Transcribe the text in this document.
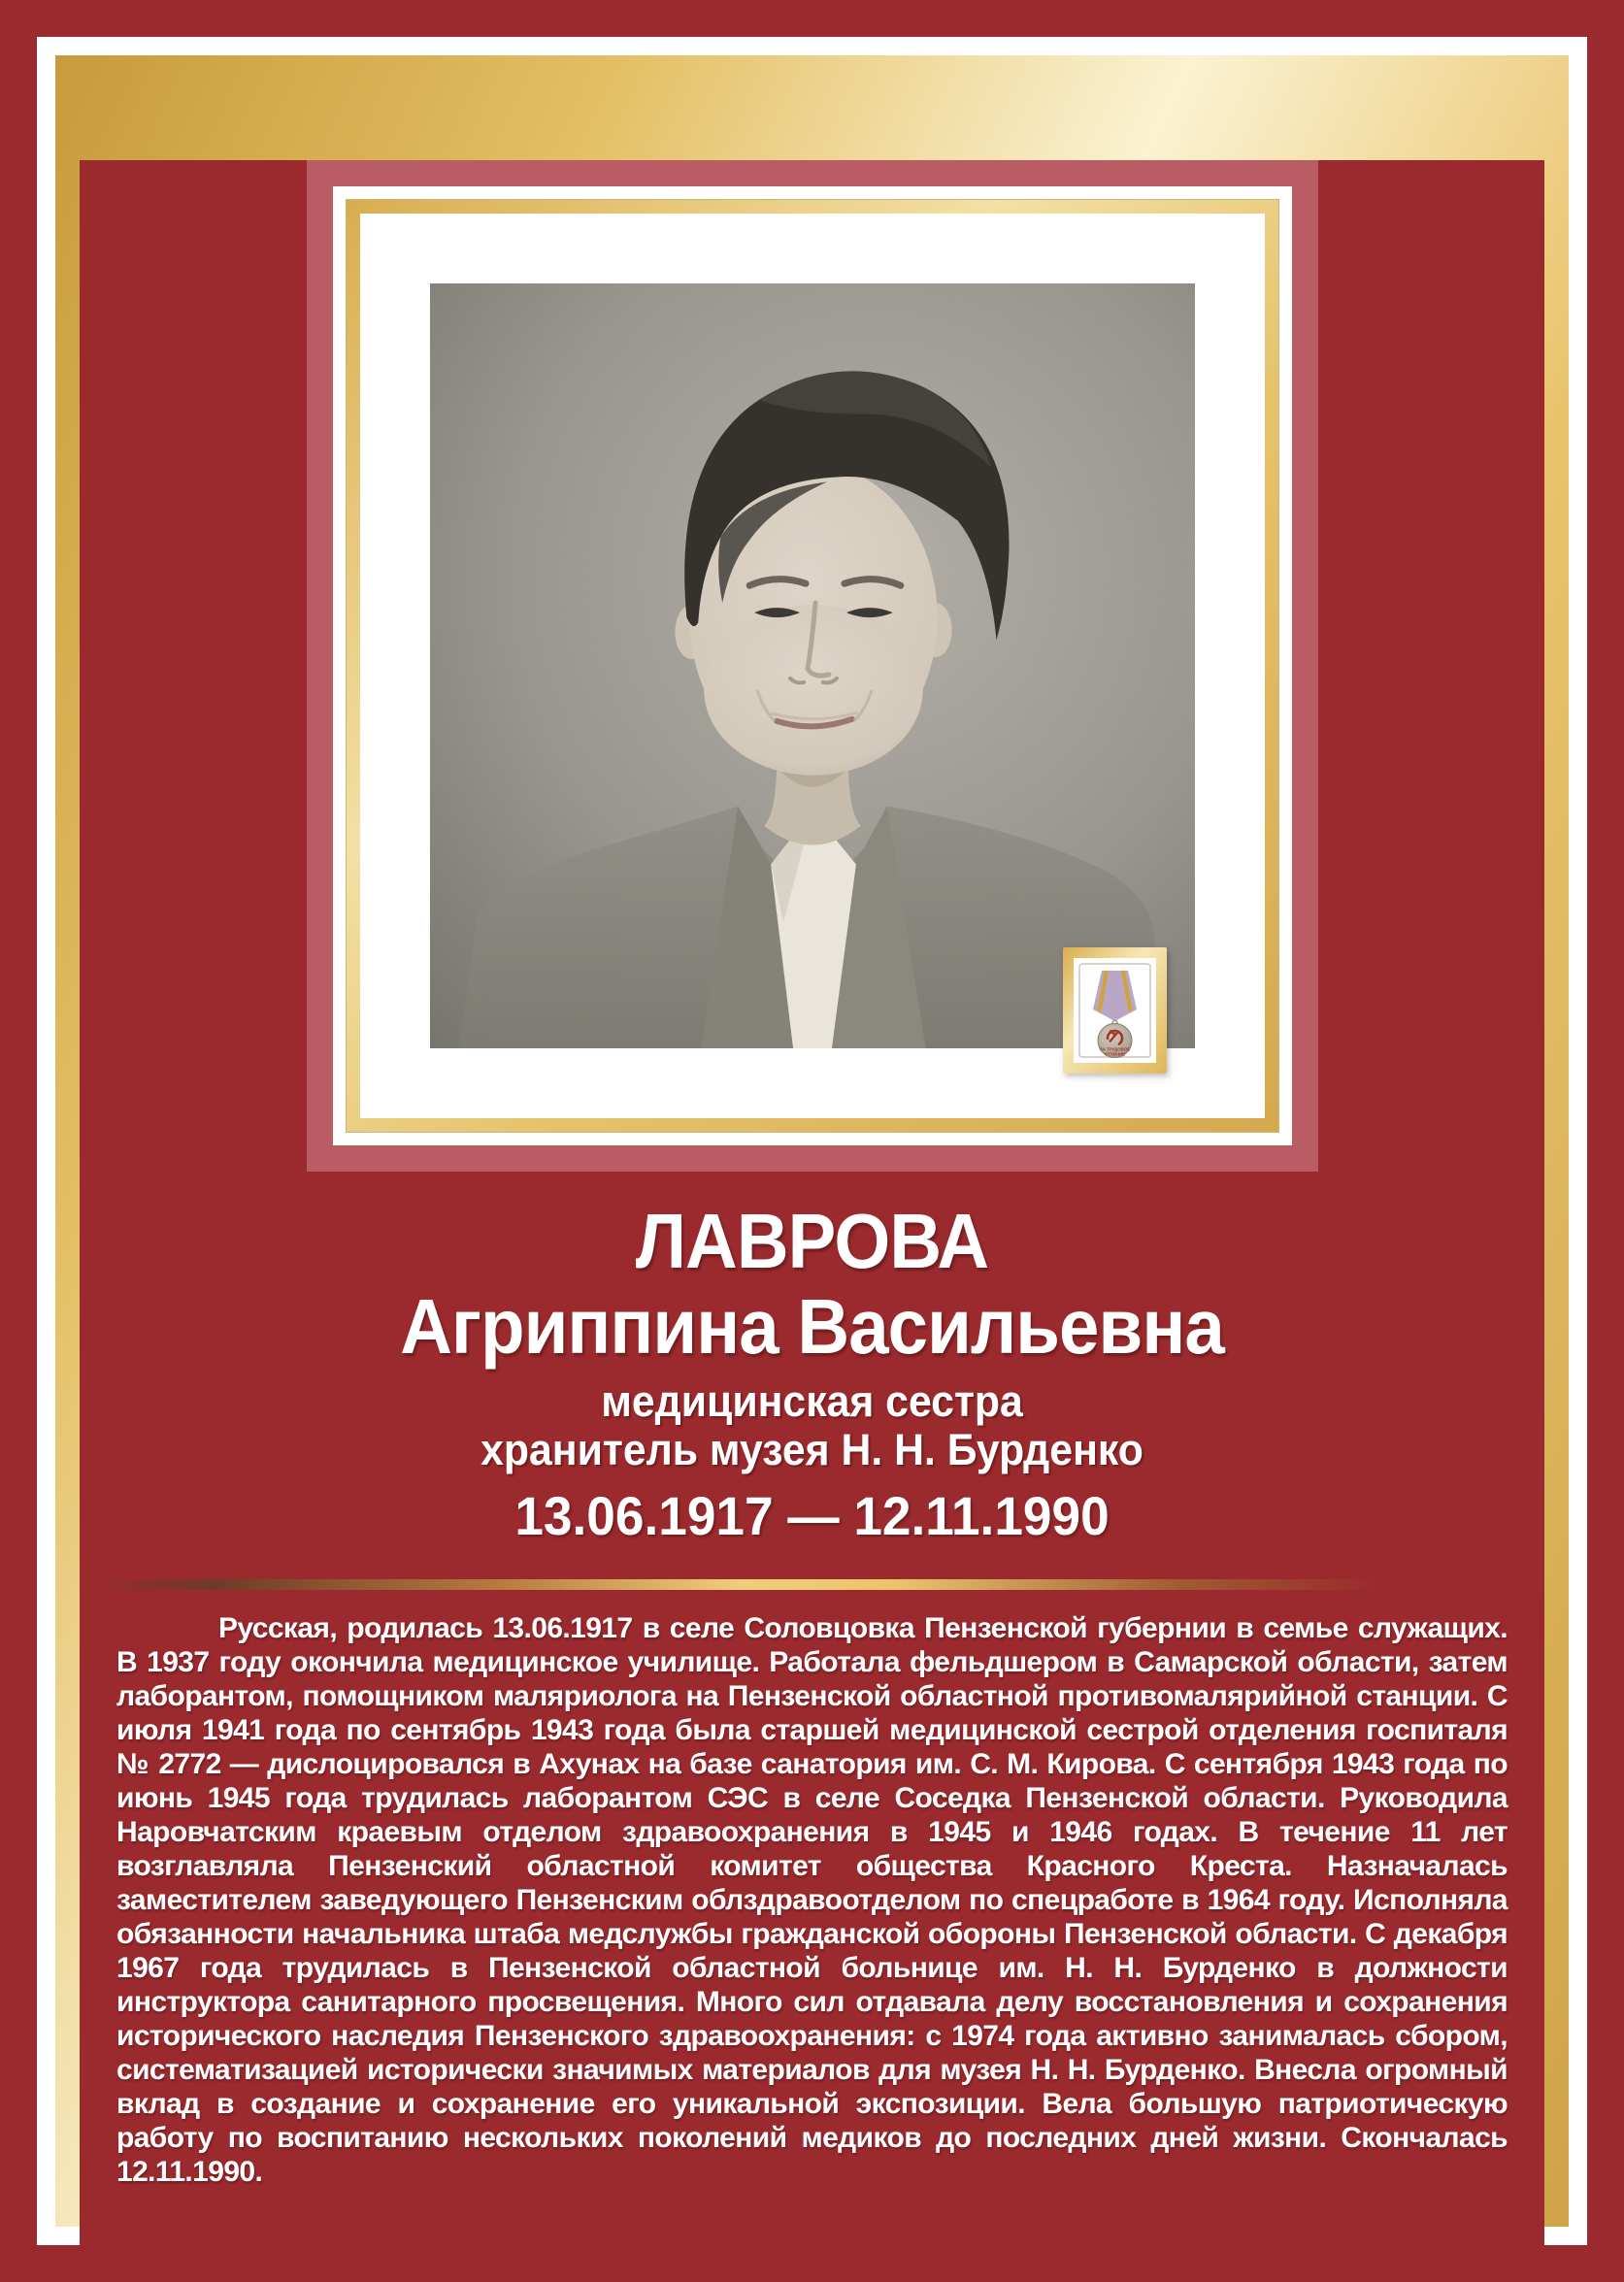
ЗА ТРУДОВОЕ
ОТЛИЧИЕ
ЛАВРОВА
Агриппина Васильевна
медицинская сестра
хранитель музея Н. Н. Бурденко
13.06.1917 — 12.11.1990

Русская, родилась 13.06.1917 в селе Соловцовка Пензенской губернии в семье служащих. В 1937 году окончила медицинское училище. Работала фельдшером в Самарской области, затем лаборантом, помощником маляриолога на Пензенской областной противомалярийной станции. С июля 1941 года по сентябрь 1943 года была старшей медицинской сестрой отделения госпиталя № 2772 — дислоцировался в Ахунах на базе санатория им. С. М. Кирова. С сентября 1943 года по июнь 1945 года трудилась лаборантом СЭС в селе Соседка Пензенской области. Руководила Наровчатским краевым отделом здравоохранения в 1945 и 1946 годах. В течение 11 лет возглавляла Пензенский областной комитет общества Красного Креста. Назначалась заместителем заведующего Пензенским облздравоотделом по спецработе в 1964 году. Исполняла обязанности начальника штаба медслужбы гражданской обороны Пензенской области. С декабря 1967 года трудилась в Пензенской областной больнице им. Н. Н. Бурденко в должности инструктора санитарного просвещения. Много сил отдавала делу восстановления и сохранения исторического наследия Пензенского здравоохранения: с 1974 года активно занималась сбором, систематизацией исторически значимых материалов для музея Н. Н. Бурденко. Внесла огромный вклад в создание и сохранение его уникальной экспозиции. Вела большую патриотическую работу по воспитанию нескольких поколений медиков до последних дней жизни. Скончалась 12.11.1990.
